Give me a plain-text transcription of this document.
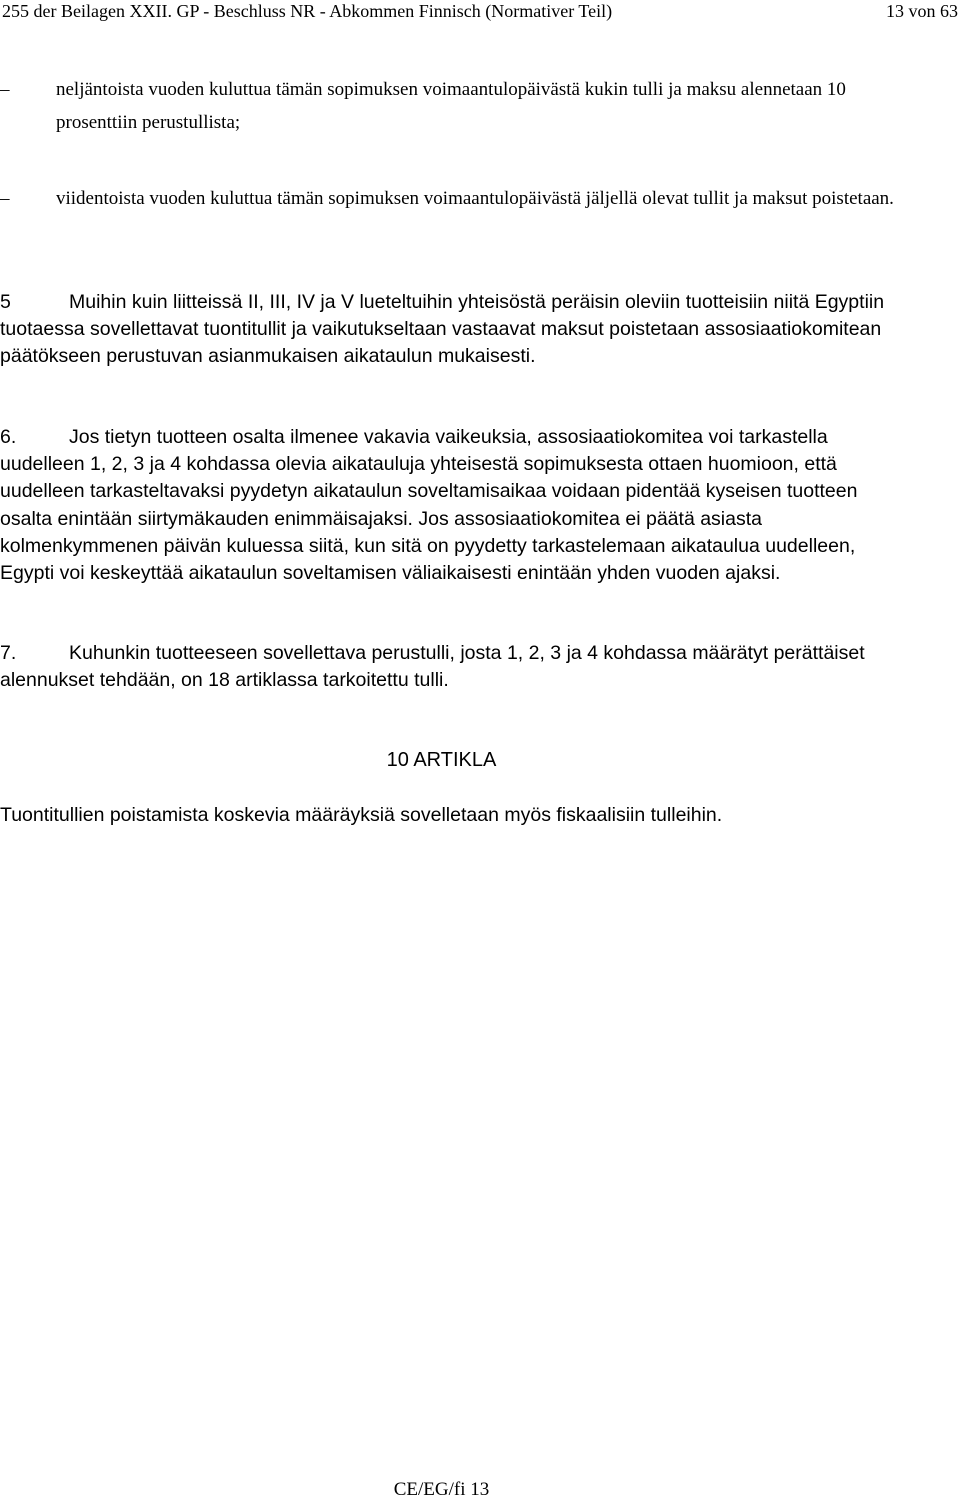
255 der Beilagen XXII. GP - Beschluss NR - Abkommen Finnisch (Normativer Teil)	13 von 63
–	neljäntoista vuoden kuluttua tämän sopimuksen voimaantulopäivästä kukin tulli ja maksu alennetaan 10 prosenttiin perustullista;
–	viidentoista vuoden kuluttua tämän sopimuksen voimaantulopäivästä jäljellä olevat tullit ja maksut poistetaan.
5	Muihin kuin liitteissä II, III, IV ja V lueteltuihin yhteisöstä peräisin oleviin tuotteisiin niitä Egyptiin tuotaessa sovellettavat tuontitullit ja vaikutukseltaan vastaavat maksut poistetaan assosiaatiokomitean päätökseen perustuvan asianmukaisen aikataulun mukaisesti.
6.	Jos tietyn tuotteen osalta ilmenee vakavia vaikeuksia, assosiaatiokomitea voi tarkastella uudelleen 1, 2, 3 ja 4 kohdassa olevia aikatauluja yhteisestä sopimuksesta ottaen huomioon, että uudelleen tarkasteltavaksi pyydetyn aikataulun soveltamisaikaa voidaan pidentää kyseisen tuotteen osalta enintään siirtymäkauden enimmäisajaksi. Jos assosiaatiokomitea ei päätä asiasta kolmenkymmenen päivän kuluessa siitä, kun sitä on pyydetty tarkastelemaan aikataulua uudelleen, Egypti voi keskeyttää aikataulun soveltamisen väliaikaisesti enintään yhden vuoden ajaksi.
7.	Kuhunkin tuotteeseen sovellettava perustulli, josta 1, 2, 3 ja 4 kohdassa määrätyt perättäiset alennukset tehdään, on 18 artiklassa tarkoitettu tulli.
10 ARTIKLA
Tuontitullien poistamista koskevia määräyksiä sovelletaan myös fiskaalisiin tulleihin.
CE/EG/fi 13
